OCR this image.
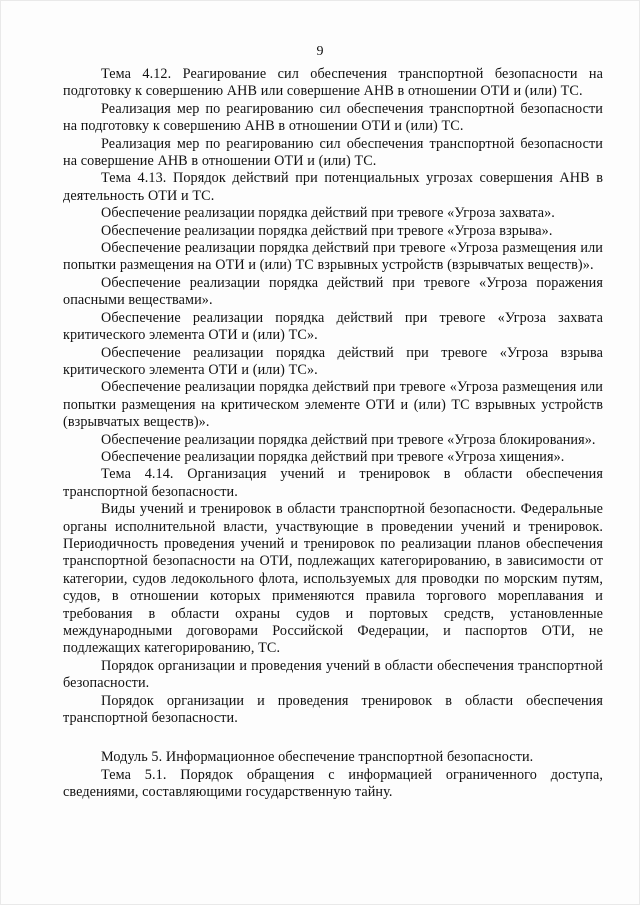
9

Тема 4.12. Реагирование сил обеспечения транспортной безопасности на подготовку к совершению АНВ или совершение АНВ в отношении ОТИ и (или) ТС.

Реализация мер по реагированию сил обеспечения транспортной безопасности на подготовку к совершению АНВ в отношении ОТИ и (или) ТС.

Реализация мер по реагированию сил обеспечения транспортной безопасности на совершение АНВ в отношении ОТИ и (или) ТС.

Тема 4.13. Порядок действий при потенциальных угрозах совершения АНВ в деятельность ОТИ и ТС.

Обеспечение реализации порядка действий при тревоге «Угроза захвата».

Обеспечение реализации порядка действий при тревоге «Угроза взрыва».

Обеспечение реализации порядка действий при тревоге «Угроза размещения или попытки размещения на ОТИ и (или) ТС взрывных устройств (взрывчатых веществ)».

Обеспечение реализации порядка действий при тревоге «Угроза поражения опасными веществами».

Обеспечение реализации порядка действий при тревоге «Угроза захвата критического элемента ОТИ и (или) ТС».

Обеспечение реализации порядка действий при тревоге «Угроза взрыва критического элемента ОТИ и (или) ТС».

Обеспечение реализации порядка действий при тревоге «Угроза размещения или попытки размещения на критическом элементе ОТИ и (или) ТС взрывных устройств (взрывчатых веществ)».

Обеспечение реализации порядка действий при тревоге «Угроза блокирования».

Обеспечение реализации порядка действий при тревоге «Угроза хищения».

Тема 4.14. Организация учений и тренировок в области обеспечения транспортной безопасности.

Виды учений и тренировок в области транспортной безопасности. Федеральные органы исполнительной власти, участвующие в проведении учений и тренировок. Периодичность проведения учений и тренировок по реализации планов обеспечения транспортной безопасности на ОТИ, подлежащих категорированию, в зависимости от категории, судов ледокольного флота, используемых для проводки по морским путям, судов, в отношении которых применяются правила торгового мореплавания и требования в области охраны судов и портовых средств, установленные международными договорами Российской Федерации, и паспортов ОТИ, не подлежащих категорированию, ТС.

Порядок организации и проведения учений в области обеспечения транспортной безопасности.

Порядок организации и проведения тренировок в области обеспечения транспортной безопасности.

Модуль 5. Информационное обеспечение транспортной безопасности.

Тема 5.1. Порядок обращения с информацией ограниченного доступа, сведениями, составляющими государственную тайну.
